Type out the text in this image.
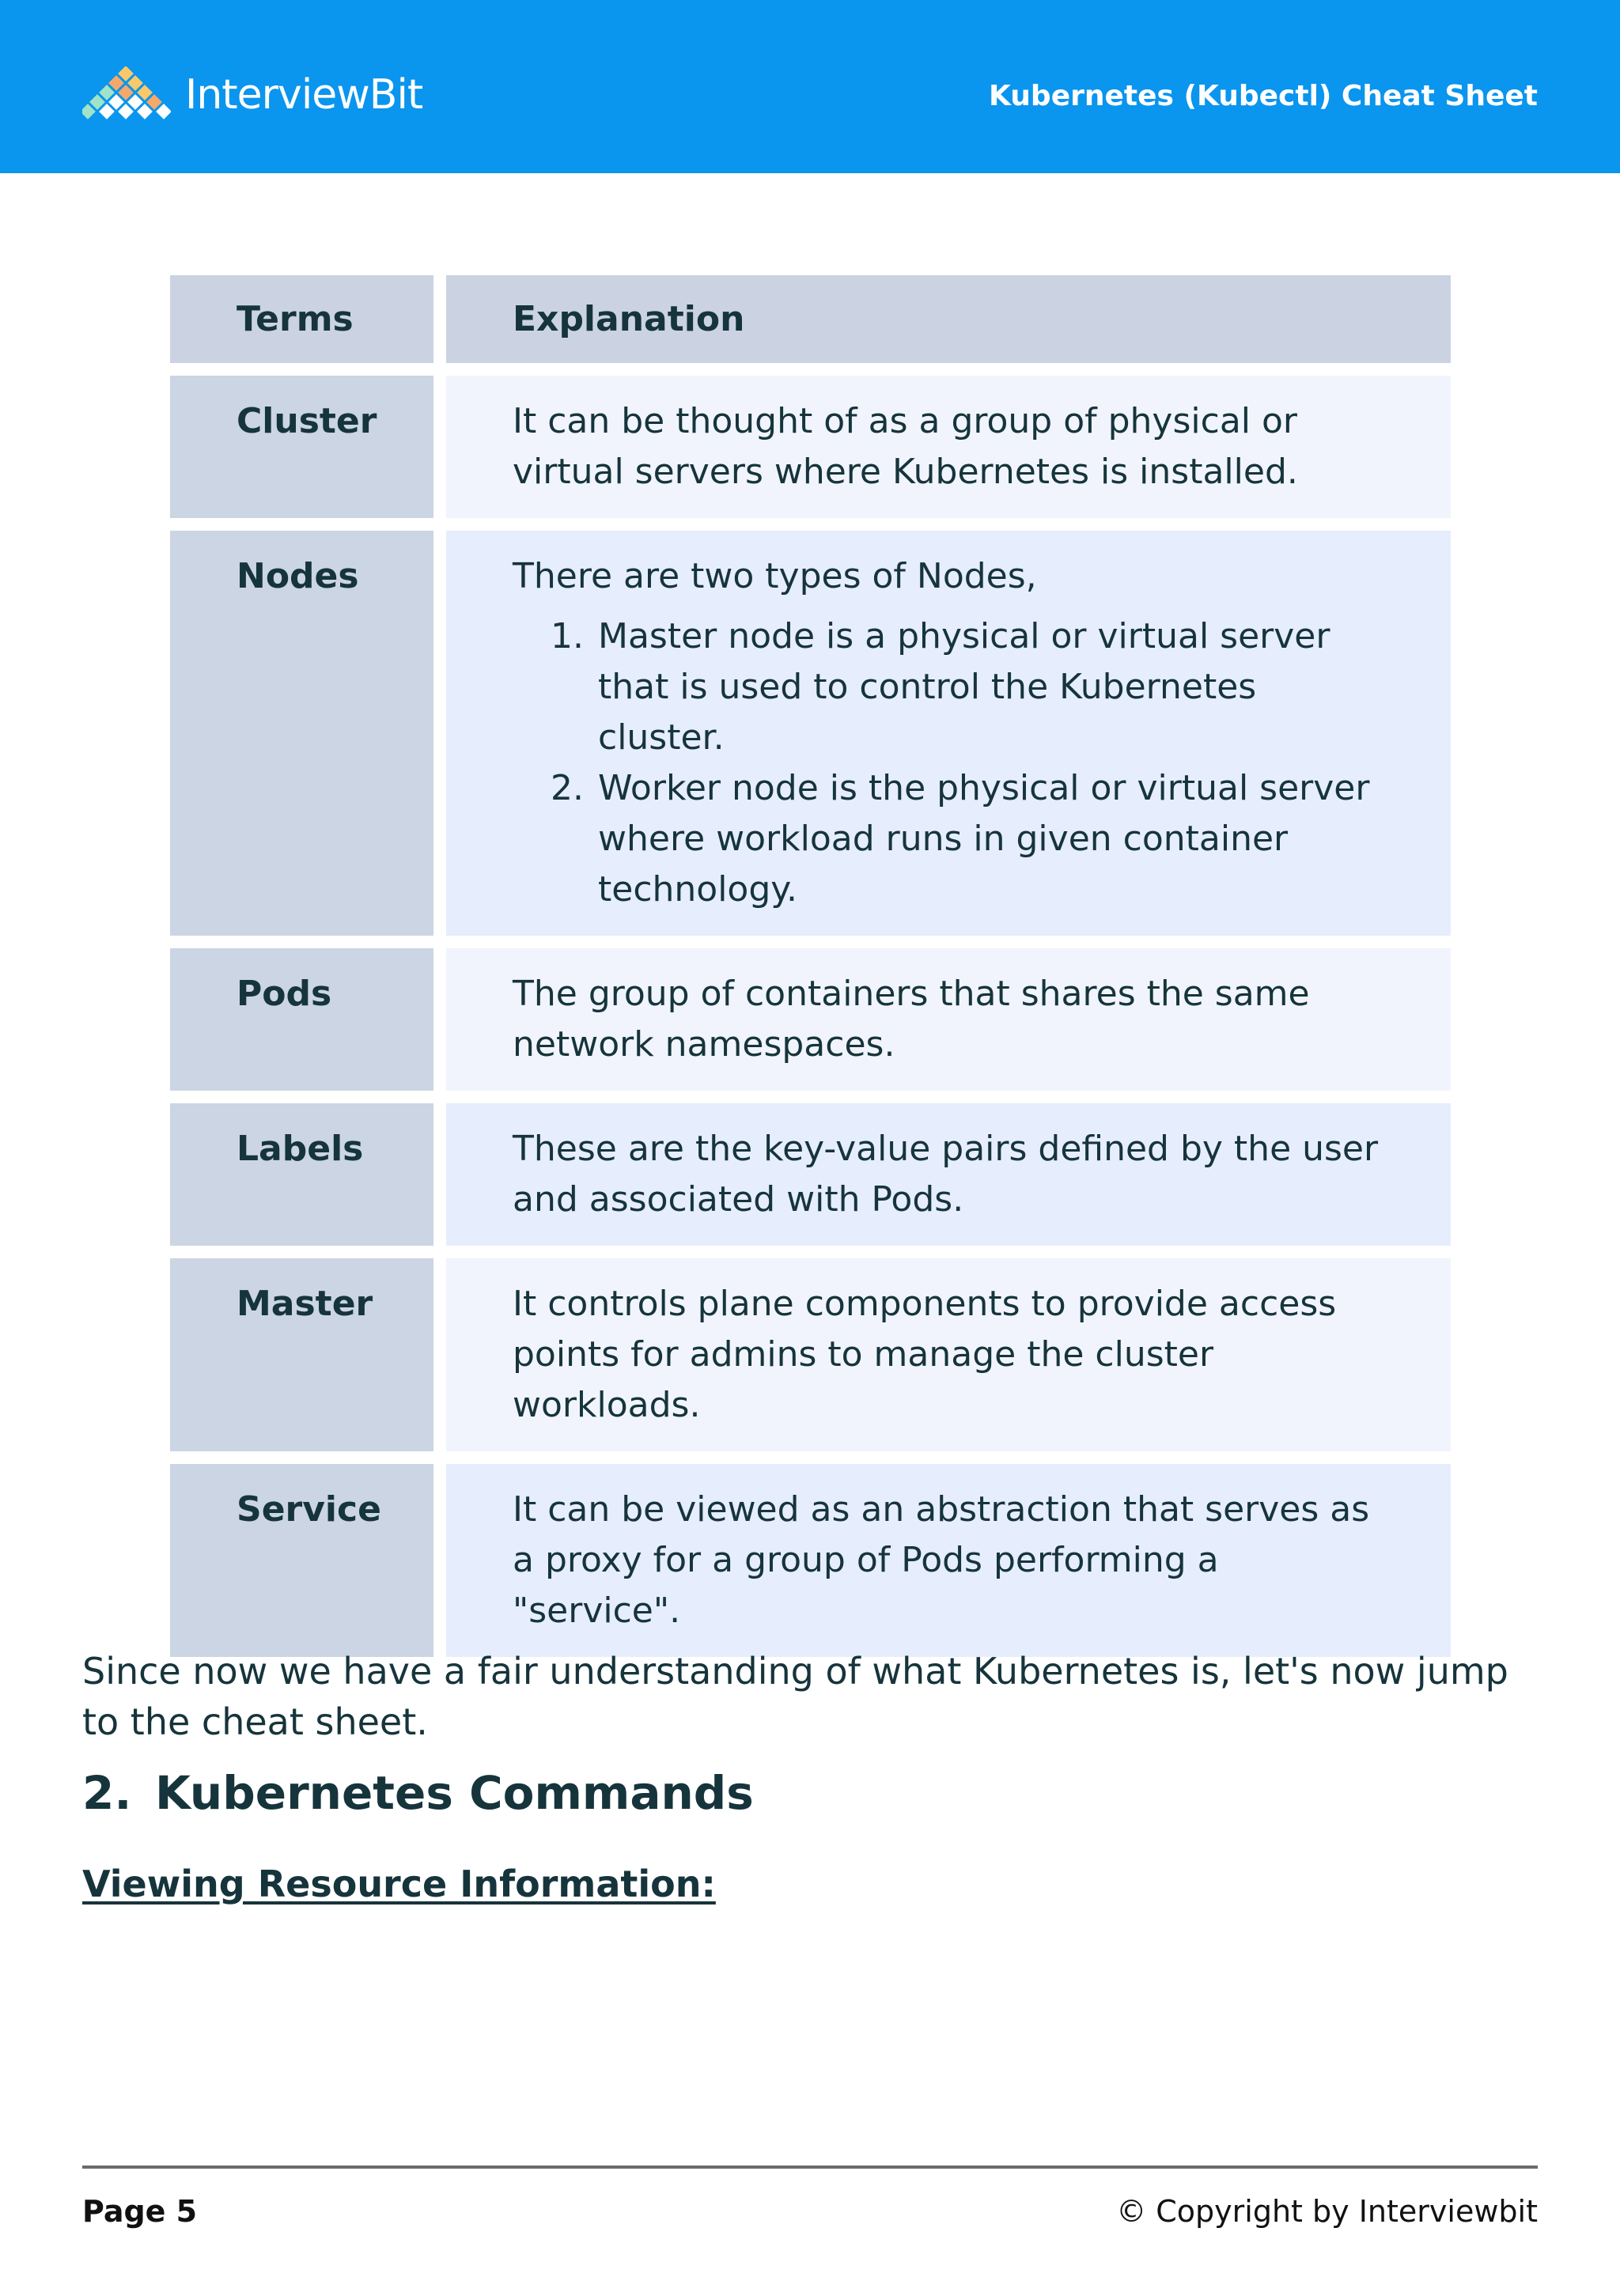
InterviewBit	Kubernetes (Kubectl) Cheat Sheet
Terms	Explanation
Cluster	It can be thought of as a group of physical or virtual servers where Kubernetes is installed.
Nodes	There are two types of Nodes,
1. Master node is a physical or virtual server that is used to control the Kubernetes cluster.
2. Worker node is the physical or virtual server where workload runs in given container technology.
Pods	The group of containers that shares the same network namespaces.
Labels	These are the key-value pairs defined by the user and associated with Pods.
Master	It controls plane components to provide access points for admins to manage the cluster workloads.
Service	It can be viewed as an abstraction that serves as a proxy for a group of Pods performing a "service".

Since now we have a fair understanding of what Kubernetes is, let's now jump to the cheat sheet.

2. Kubernetes Commands
Viewing Resource Information:
Page 5	© Copyright by Interviewbit
